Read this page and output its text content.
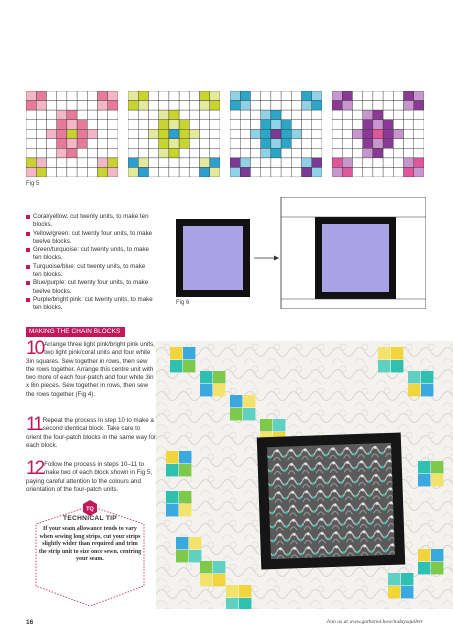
Fig 5
Coral/yellow: cut twenty units, to make ten blocks.
Yellow/green: cut twenty four units, to make twelve blocks.
Green/turquoise: cut twenty units, to make ten blocks.
Turquoise/blue: cut twenty units, to make ten blocks.
Blue/purple: cut twenty four units, to make twelve blocks.
Purple/bright pink: cut twenty units, to make ten blocks.
Fig 6
MAKING THE CHAIN BLOCKS
10 Arrange three light pink/bright pink units, two light pink/coral units and four white 3in squares. Sew together in rows, then sew the rows together. Arrange this centre unit with two more of each four-patch and four white 3in x 8in pieces. Sew together in rows, then sew the rows together (Fig 4).
11 Repeat the process in step 10 to make a second identical block. Take care to orient the four-patch blocks in the same way for each block.
12 Follow the process in steps 10–11 to make two of each block shown in Fig 5, paying careful attention to the colours and orientation of the four-patch units.
TQ
TECHNICAL TIP
If your seam allowance tends to vary when sewing long strips, cut your strips slightly wider than required and trim the strip unit to size once sewn, centring your seam.
16	Join us at www.gathered.how/todaysquilter
